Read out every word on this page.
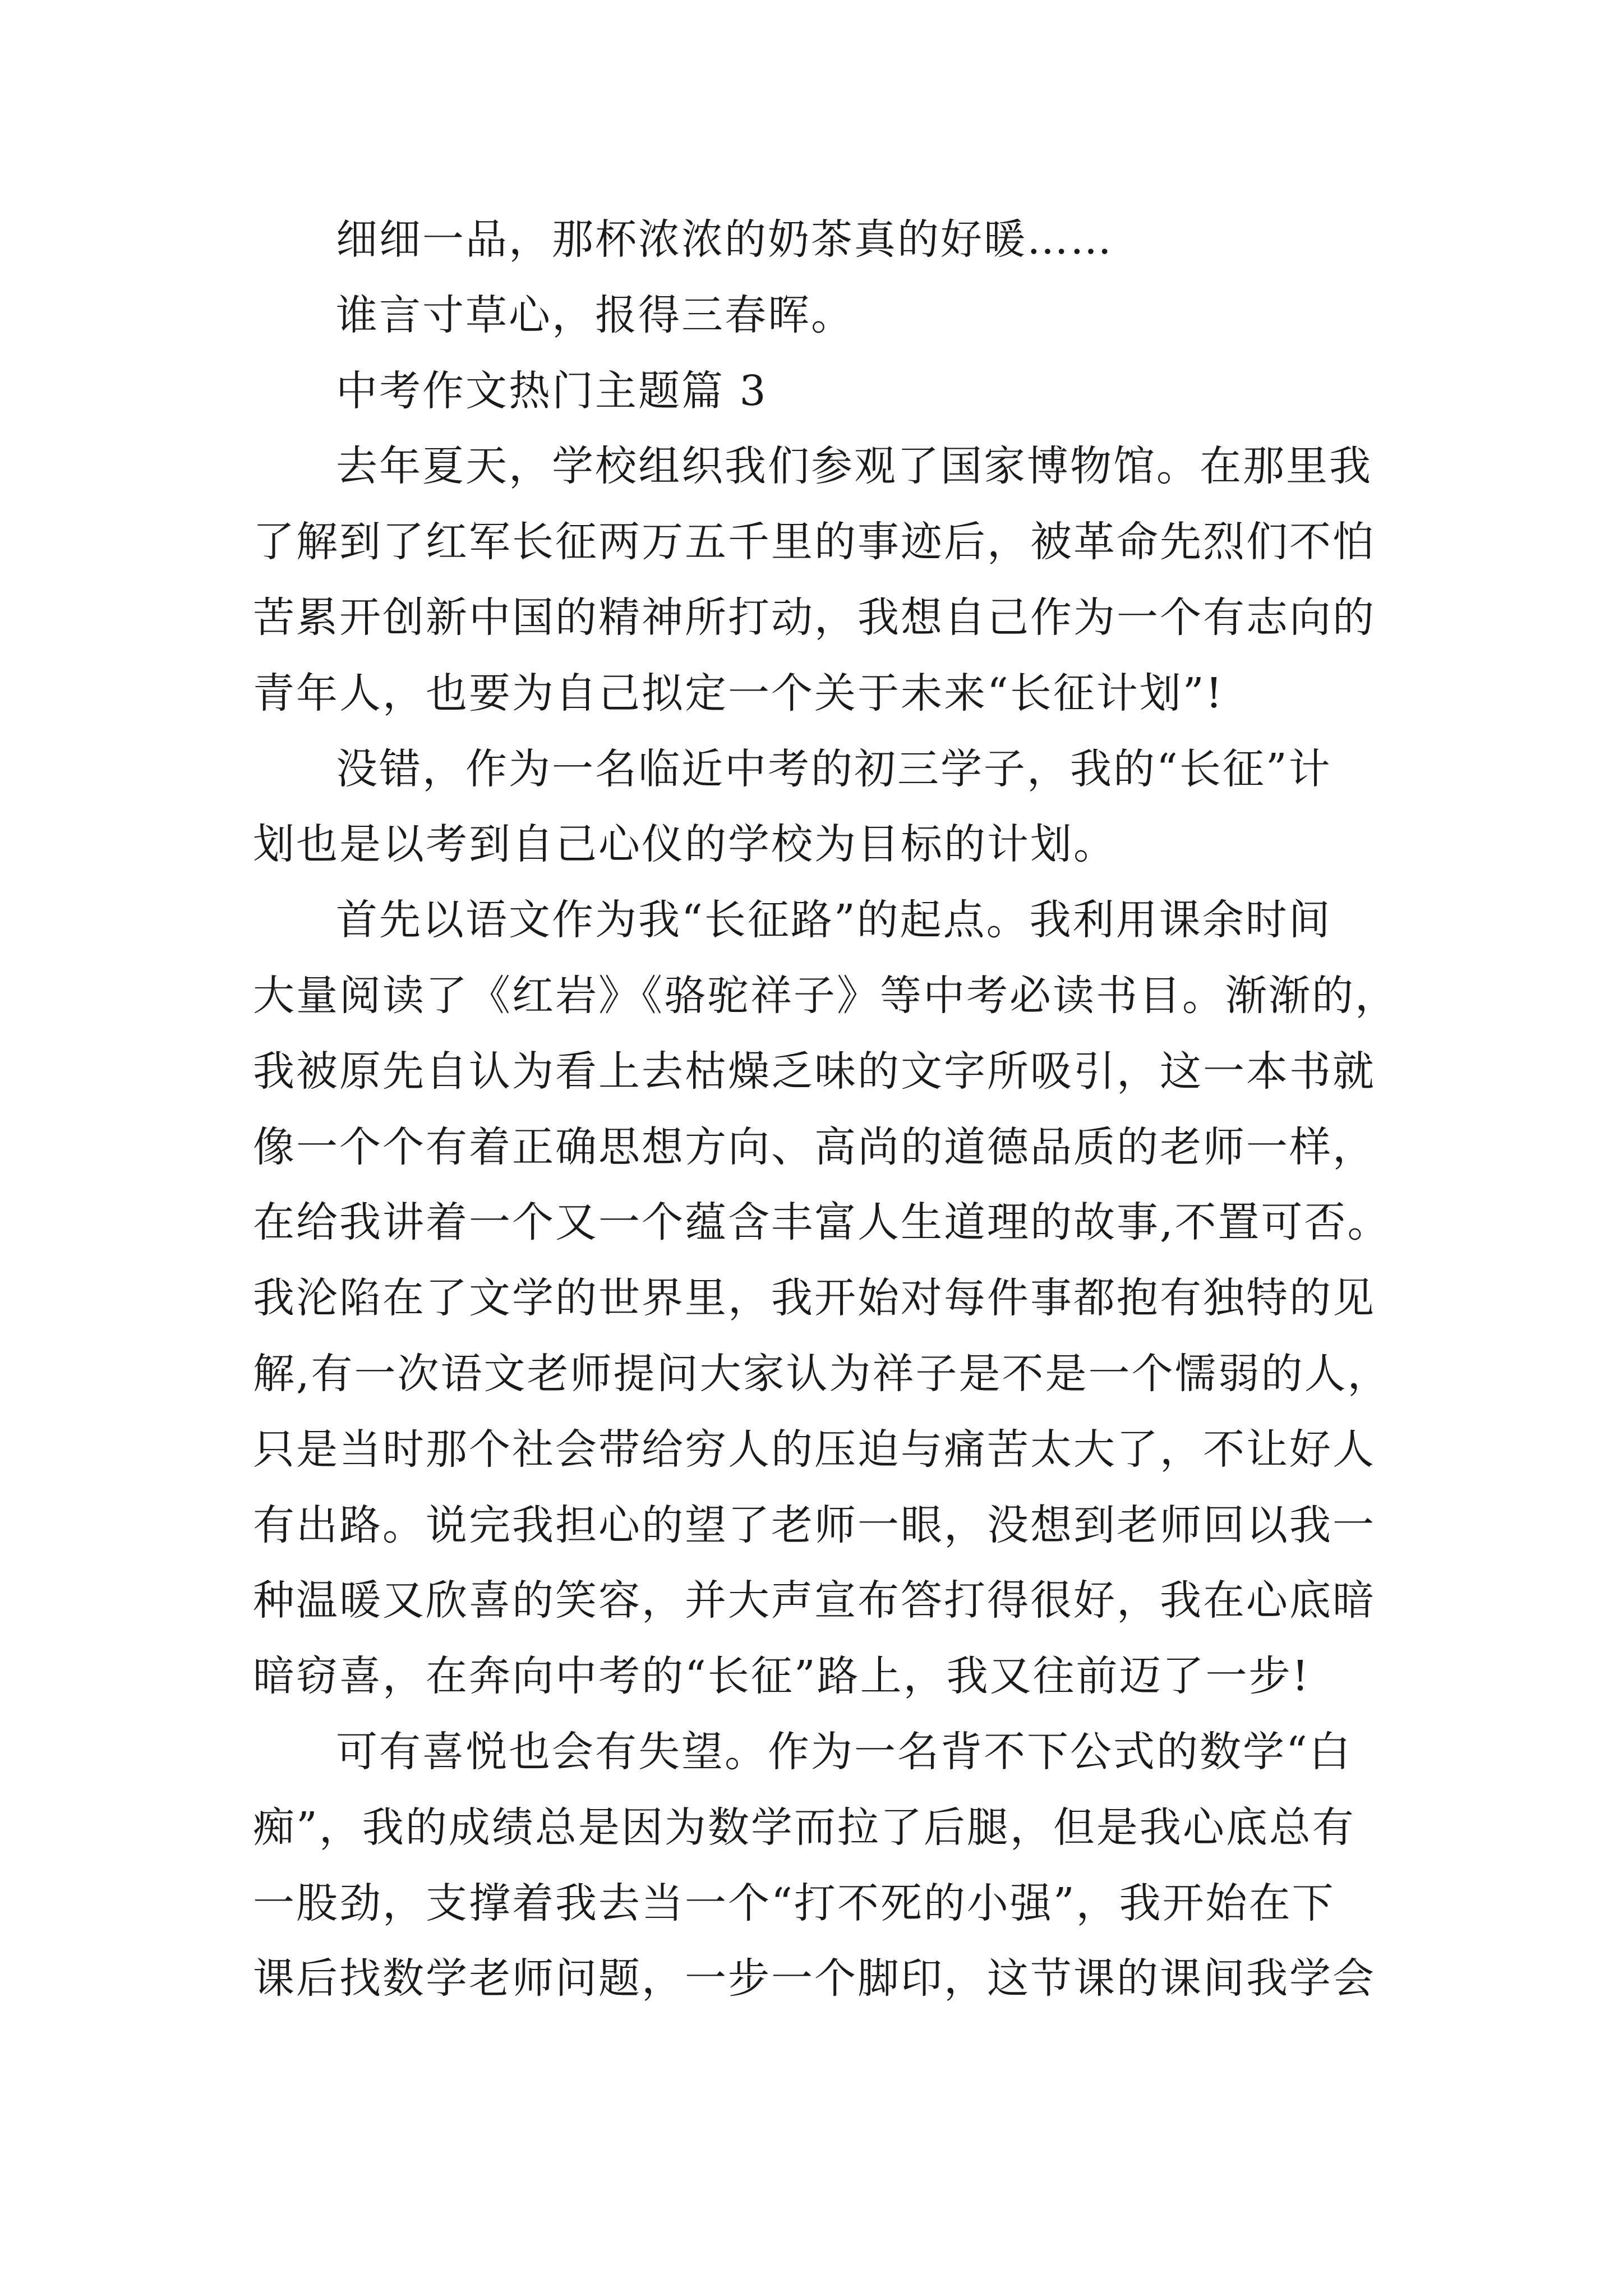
细细一品，那杯浓浓的奶茶真的好暖……

谁言寸草心，报得三春晖。

中考作文热门主题篇 3

去年夏天，学校组织我们参观了国家博物馆。在那里我
了解到了红军长征两万五千里的事迹后，被革命先烈们不怕
苦累开创新中国的精神所打动，我想自己作为一个有志向的
青年人，也要为自己拟定一个关于未来“长征计划”!

没错，作为一名临近中考的初三学子，我的“长征”计
划也是以考到自己心仪的学校为目标的计划。

首先以语文作为我“长征路”的起点。我利用课余时间
大量阅读了《红岩》《骆驼祥子》等中考必读书目。渐渐的，
我被原先自认为看上去枯燥乏味的文字所吸引，这一本书就
像一个个有着正确思想方向、高尚的道德品质的老师一样，
在给我讲着一个又一个蕴含丰富人生道理的故事,不置可否。
我沦陷在了文学的世界里，我开始对每件事都抱有独特的见
解,有一次语文老师提问大家认为祥子是不是一个懦弱的人，
只是当时那个社会带给穷人的压迫与痛苦太大了，不让好人
有出路。说完我担心的望了老师一眼，没想到老师回以我一
种温暖又欣喜的笑容，并大声宣布答打得很好，我在心底暗
暗窃喜，在奔向中考的“长征”路上，我又往前迈了一步!

可有喜悦也会有失望。作为一名背不下公式的数学“白
痴”，我的成绩总是因为数学而拉了后腿，但是我心底总有
一股劲，支撑着我去当一个“打不死的小强”，我开始在下
课后找数学老师问题，一步一个脚印，这节课的课间我学会
